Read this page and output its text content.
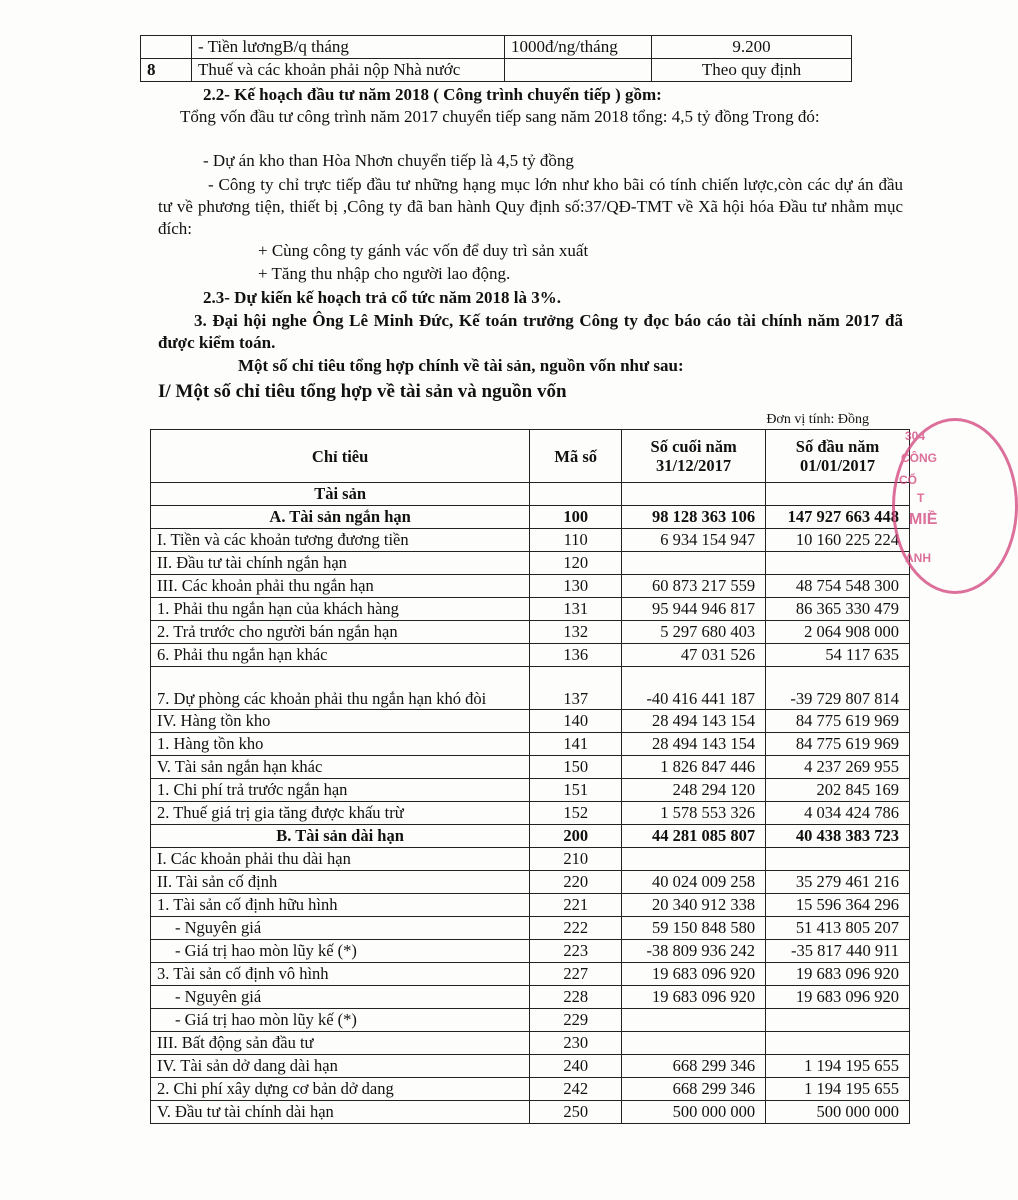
	- Tiền lươngB/q tháng	1000đ/ng/tháng	9.200
8	Thuế và các khoản phải nộp Nhà nước		Theo quy định
2.2- Kế hoạch đầu tư năm 2018 ( Công trình chuyển tiếp ) gồm:
Tổng vốn đầu tư công trình năm 2017 chuyển tiếp sang năm 2018 tổng: 4,5 tỷ đồng Trong đó:
- Dự án kho than Hòa Nhơn chuyển tiếp là 4,5 tỷ đồng
- Công ty chỉ trực tiếp đầu tư những hạng mục lớn như kho bãi có tính chiến lược,còn các dự án đầu tư về phương tiện, thiết bị ,Công ty đã ban hành Quy định số:37/QĐ-TMT về Xã hội hóa Đầu tư nhằm mục đích:
+ Cùng công ty gánh vác vốn để duy trì sản xuất
+ Tăng thu nhập cho người lao động.
2.3- Dự kiến kế hoạch trả cổ tức năm 2018 là 3%.
3. Đại hội nghe Ông Lê Minh Đức, Kế toán trưởng Công ty đọc báo cáo tài chính năm 2017 đã được kiểm toán.
Một số chỉ tiêu tổng hợp chính về tài sản, nguồn vốn như sau:
I/ Một số chỉ tiêu tổng hợp về tài sản và nguồn vốn
Đơn vị tính: Đồng
Chỉ tiêu	Mã số	Số cuối năm 31/12/2017	Số đầu năm 01/01/2017
Tài sản			
A. Tài sản ngắn hạn	100	98 128 363 106	147 927 663 448
I. Tiền và các khoản tương đương tiền	110	6 934 154 947	10 160 225 224
II. Đầu tư tài chính ngắn hạn	120		
III. Các khoản phải thu ngắn hạn	130	60 873 217 559	48 754 548 300
1. Phải thu ngắn hạn của khách hàng	131	95 944 946 817	86 365 330 479
2. Trả trước cho người bán ngắn hạn	132	5 297 680 403	2 064 908 000
6. Phải thu ngắn hạn khác	136	47 031 526	54 117 635
7. Dự phòng các khoản phải thu ngắn hạn khó đòi	137	-40 416 441 187	-39 729 807 814
IV. Hàng tồn kho	140	28 494 143 154	84 775 619 969
1. Hàng tồn kho	141	28 494 143 154	84 775 619 969
V. Tài sản ngắn hạn khác	150	1 826 847 446	4 237 269 955
1. Chi phí trả trước ngắn hạn	151	248 294 120	202 845 169
2. Thuế giá trị gia tăng được khấu trừ	152	1 578 553 326	4 034 424 786
B. Tài sản dài hạn	200	44 281 085 807	40 438 383 723
I. Các khoản phải thu dài hạn	210		
II. Tài sản cố định	220	40 024 009 258	35 279 461 216
1. Tài sản cố định hữu hình	221	20 340 912 338	15 596 364 296
- Nguyên giá	222	59 150 848 580	51 413 805 207
- Giá trị hao mòn lũy kế (*)	223	-38 809 936 242	-35 817 440 911
3. Tài sản cố định vô hình	227	19 683 096 920	19 683 096 920
- Nguyên giá	228	19 683 096 920	19 683 096 920
- Giá trị hao mòn lũy kế (*)	229		
III. Bất động sản đầu tư	230		
IV. Tài sản dở dang dài hạn	240	668 299 346	1 194 195 655
2. Chi phí xây dựng cơ bản dở dang	242	668 299 346	1 194 195 655
V. Đầu tư tài chính dài hạn	250	500 000 000	500 000 000
304
CÔNG
CỔ
T
MIỀ
ANH
